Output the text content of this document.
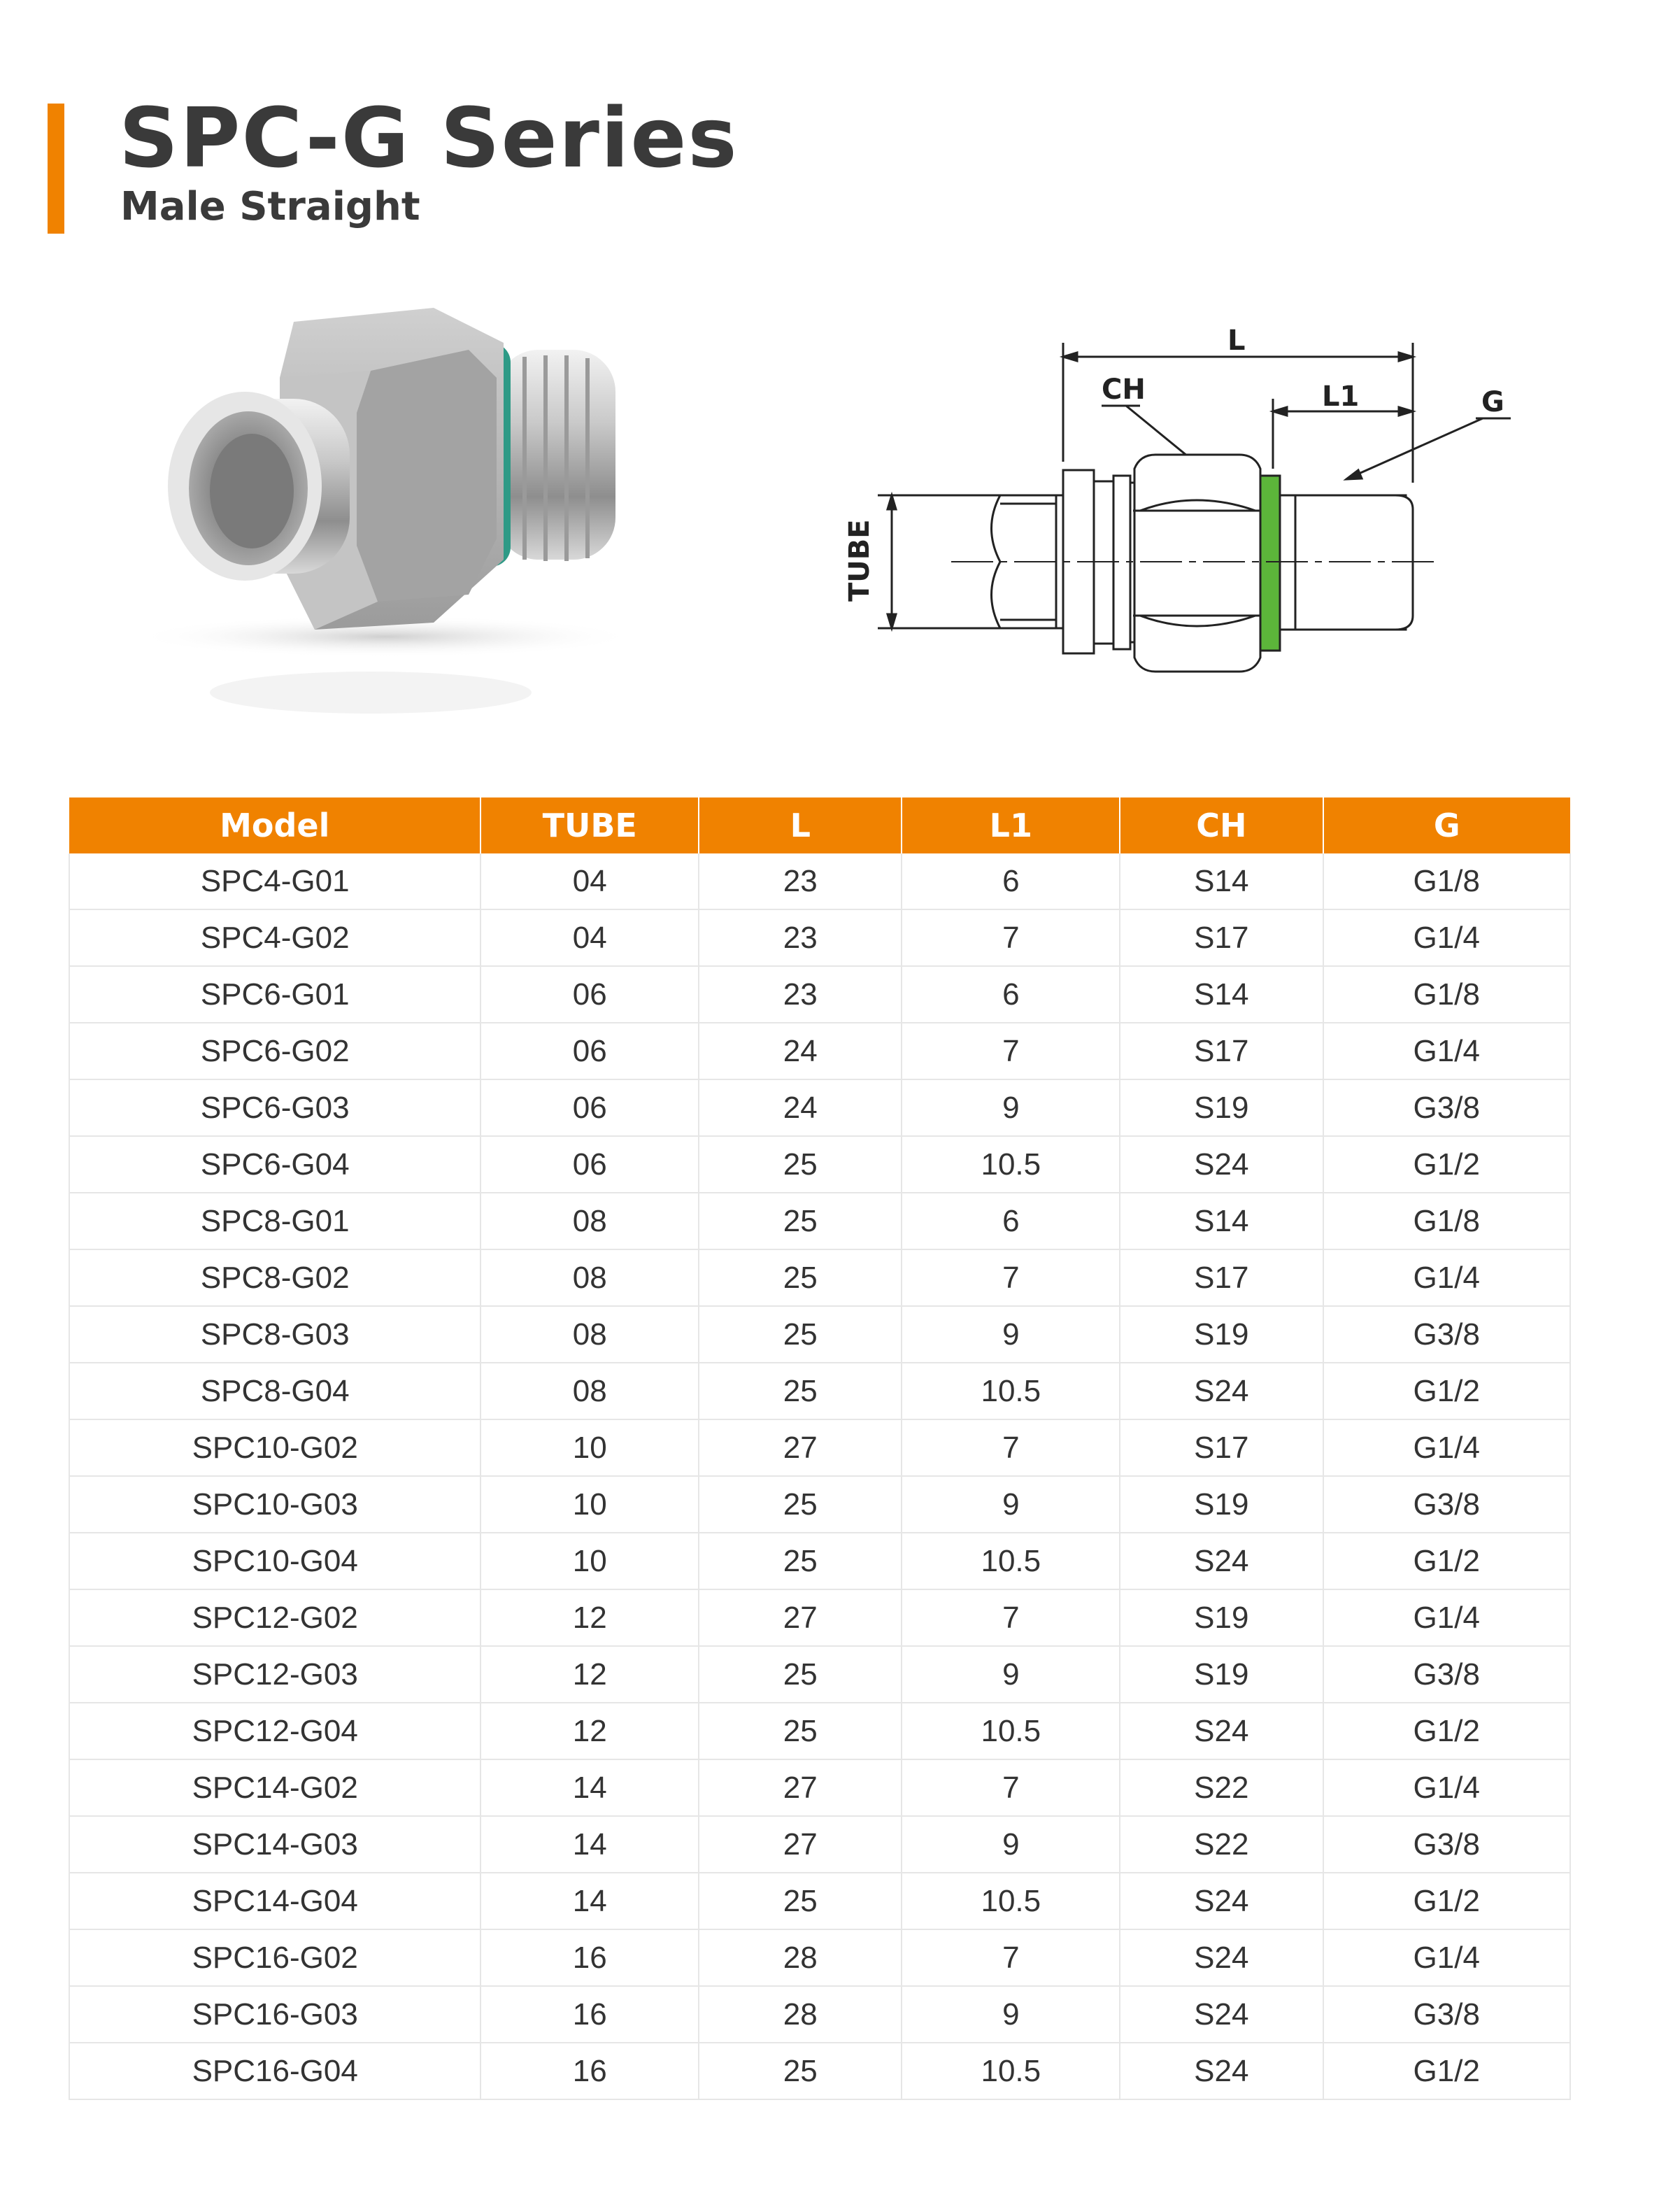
SPC-G Series
Male Straight
L
CH	L1	G
TUBE
Model	TUBE	L	L1	CH	G
SPC4-G01	04	23	6	S14	G1/8
SPC4-G02	04	23	7	S17	G1/4
SPC6-G01	06	23	6	S14	G1/8
SPC6-G02	06	24	7	S17	G1/4
SPC6-G03	06	24	9	S19	G3/8
SPC6-G04	06	25	10.5	S24	G1/2
SPC8-G01	08	25	6	S14	G1/8
SPC8-G02	08	25	7	S17	G1/4
SPC8-G03	08	25	9	S19	G3/8
SPC8-G04	08	25	10.5	S24	G1/2
SPC10-G02	10	27	7	S17	G1/4
SPC10-G03	10	25	9	S19	G3/8
SPC10-G04	10	25	10.5	S24	G1/2
SPC12-G02	12	27	7	S19	G1/4
SPC12-G03	12	25	9	S19	G3/8
SPC12-G04	12	25	10.5	S24	G1/2
SPC14-G02	14	27	7	S22	G1/4
SPC14-G03	14	27	9	S22	G3/8
SPC14-G04	14	25	10.5	S24	G1/2
SPC16-G02	16	28	7	S24	G1/4
SPC16-G03	16	28	9	S24	G3/8
SPC16-G04	16	25	10.5	S24	G1/2
